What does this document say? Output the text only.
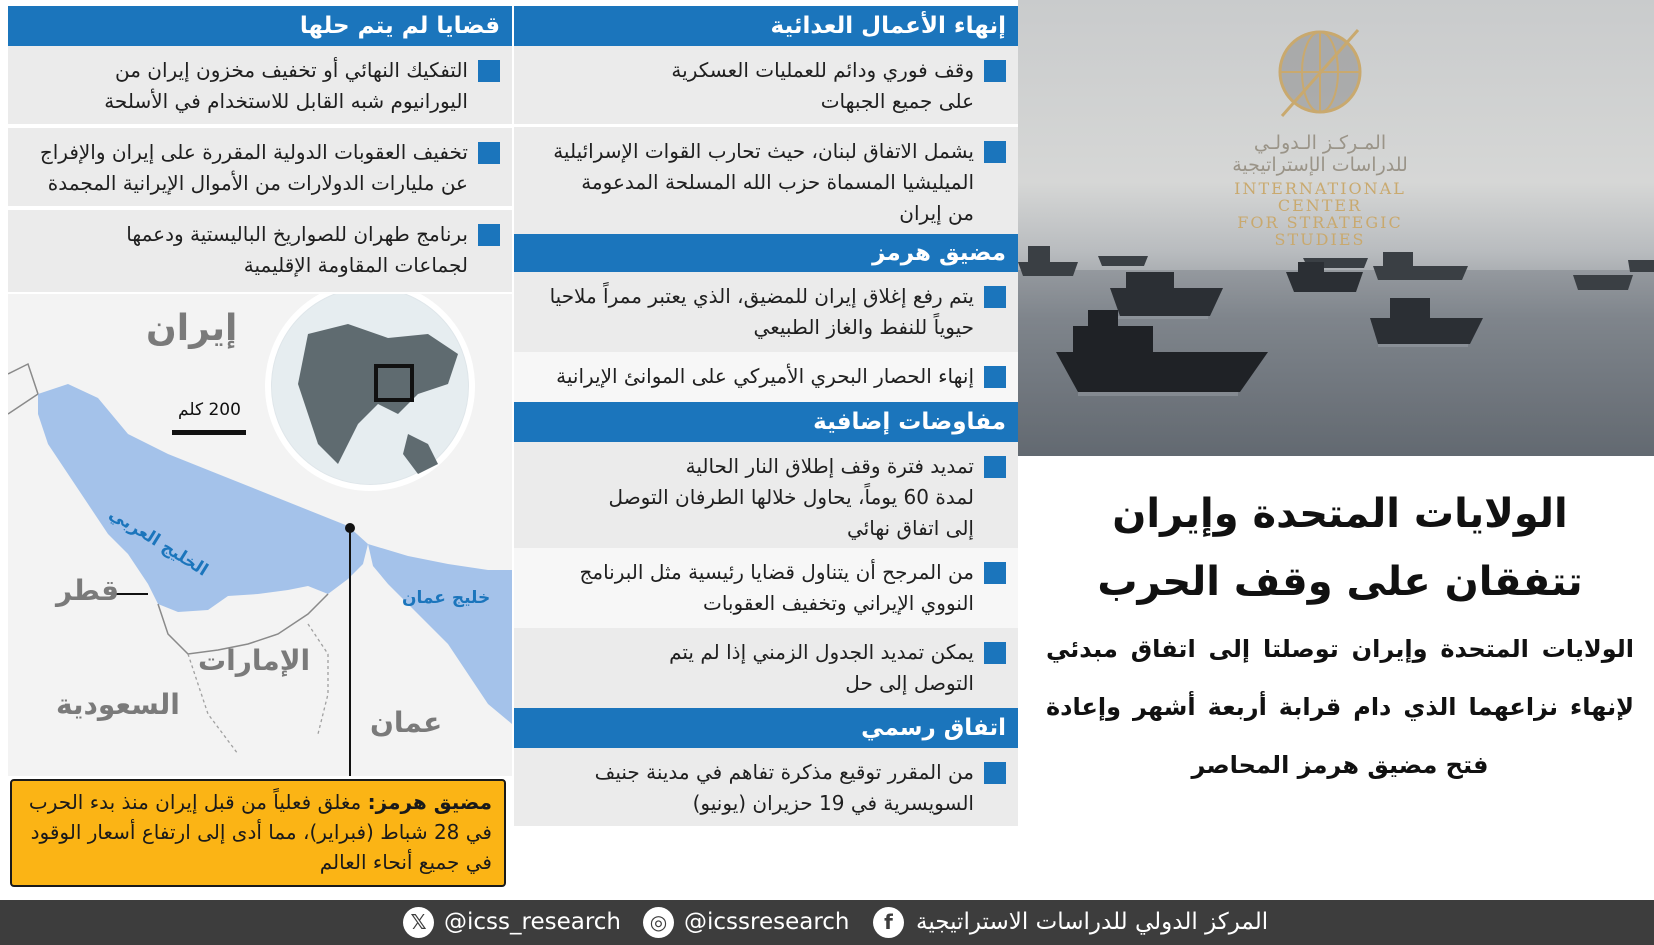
قضايا لم يتم حلها
التفكيك النهائي أو تخفيف مخزون إيران من
اليورانيوم شبه القابل للاستخدام في الأسلحة
تخفيف العقوبات الدولية المقررة على إيران والإفراج
عن مليارات الدولارات من الأموال الإيرانية المجمدة
برنامج طهران للصواريخ الباليستية ودعمها
لجماعات المقاومة الإقليمية
إنهاء الأعمال العدائية
وقف فوري ودائم للعمليات العسكرية
على جميع الجبهات
يشمل الاتفاق لبنان، حيث تحارب القوات الإسرائيلية
الميليشيا المسماة حزب الله المسلحة المدعومة
من إيران
مضيق هرمز
يتم رفع إغلاق إيران للمضيق، الذي يعتبر ممراً ملاحيا
حيوياً للنفط والغاز الطبيعي
إنهاء الحصار البحري الأميركي على الموانئ الإيرانية
مفاوضات إضافية
تمديد فترة وقف إطلاق النار الحالية
لمدة 60 يوماً، يحاول خلالها الطرفان التوصل
إلى اتفاق نهائي
من المرجح أن يتناول قضايا رئيسية مثل البرنامج
النووي الإيراني وتخفيف العقوبات
يمكن تمديد الجدول الزمني إذا لم يتم
التوصل إلى حل
اتفاق رسمي
من المقرر توقيع مذكرة تفاهم في مدينة جنيف
السويسرية في 19 حزيران (يونيو)
المـركـز الـدولـي
للدراسات الإستراتيجية
INTERNATIONAL CENTER
FOR STRATEGIC STUDIES
الولايات المتحدة وإيران
تتفقان على وقف الحرب
الولايات المتحدة وإيران توصلتا إلى اتفاق مبدئي لإنهاء نزاعهما الذي دام قرابة أربعة أشهر وإعادة فتح مضيق هرمز المحاصر
إيران
قطر
الإمارات
السعودية
عمان
الخليج العربي
خليج عمان
200 كلم
مضيق هرمز: مغلق فعلياً من قبل إيران منذ بدء الحرب في 28 شباط (فبراير)، مما أدى إلى ارتفاع أسعار الوقود في جميع أنحاء العالم
المركز الدولي للدراسات الاستراتيجية
f
@icssresearch
◎
@icss_research
𝕏
